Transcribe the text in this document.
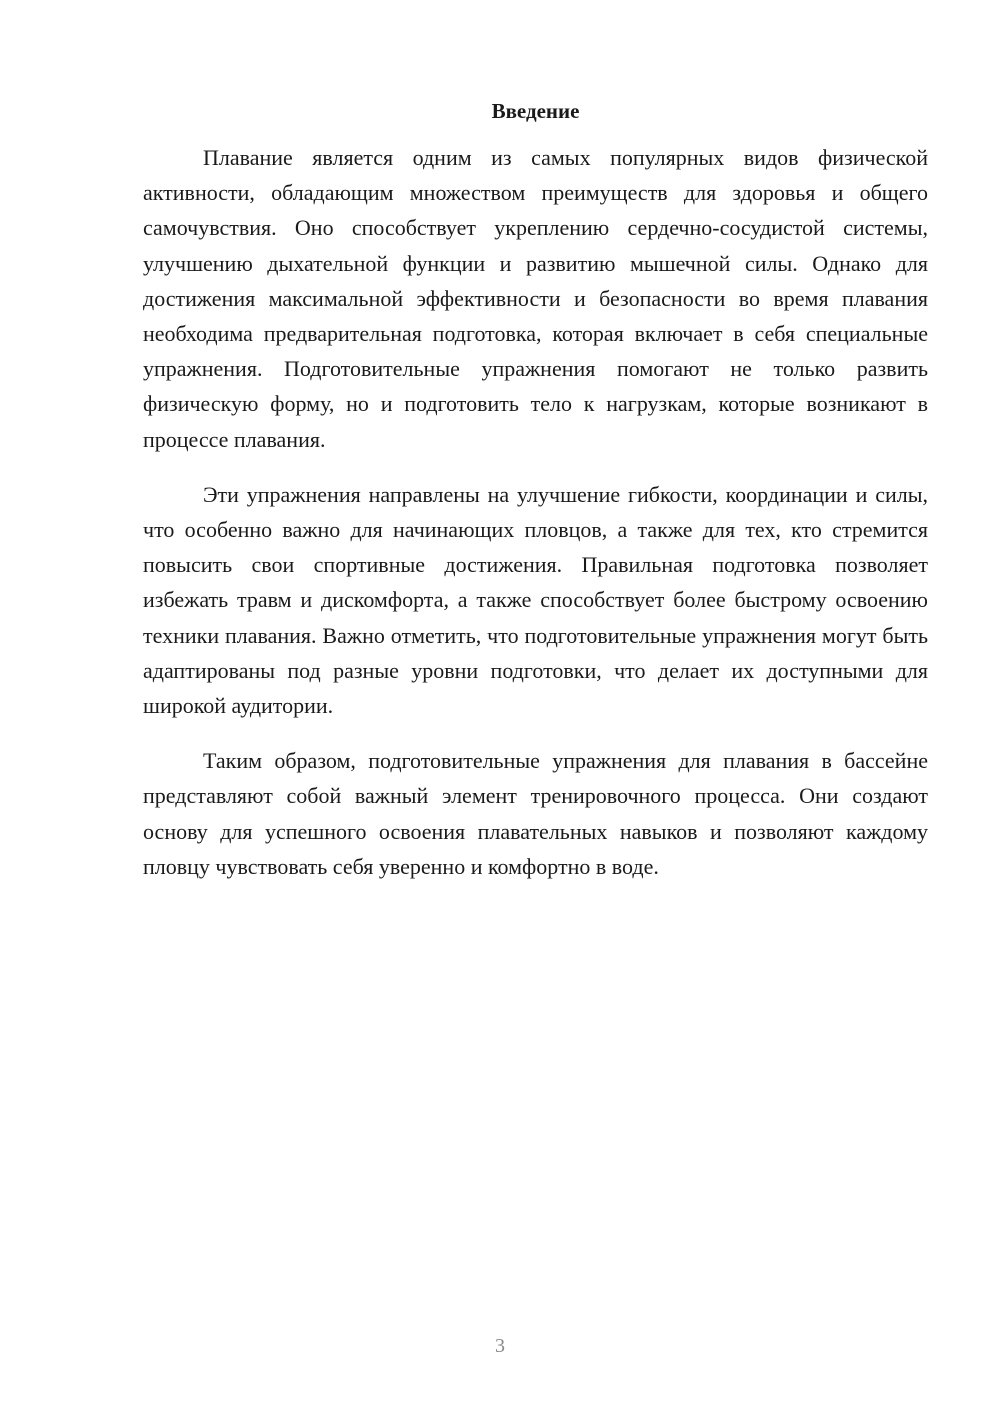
Введение

Плавание является одним из самых популярных видов физической активности, обладающим множеством преимуществ для здоровья и общего самочувствия. Оно способствует укреплению сердечно-сосудистой системы, улучшению дыхательной функции и развитию мышечной силы. Однако для достижения максимальной эффективности и безопасности во время плавания необходима предварительная подготовка, которая включает в себя специальные упражнения. Подготовительные упражнения помогают не только развить физическую форму, но и подготовить тело к нагрузкам, которые возникают в процессе плавания.

Эти упражнения направлены на улучшение гибкости, координации и силы, что особенно важно для начинающих пловцов, а также для тех, кто стремится повысить свои спортивные достижения. Правильная подготовка позволяет избежать травм и дискомфорта, а также способствует более быстрому освоению техники плавания. Важно отметить, что подготовительные упражнения могут быть адаптированы под разные уровни подготовки, что делает их доступными для широкой аудитории.

Таким образом, подготовительные упражнения для плавания в бассейне представляют собой важный элемент тренировочного процесса. Они создают основу для успешного освоения плавательных навыков и позволяют каждому пловцу чувствовать себя уверенно и комфортно в воде.

3
